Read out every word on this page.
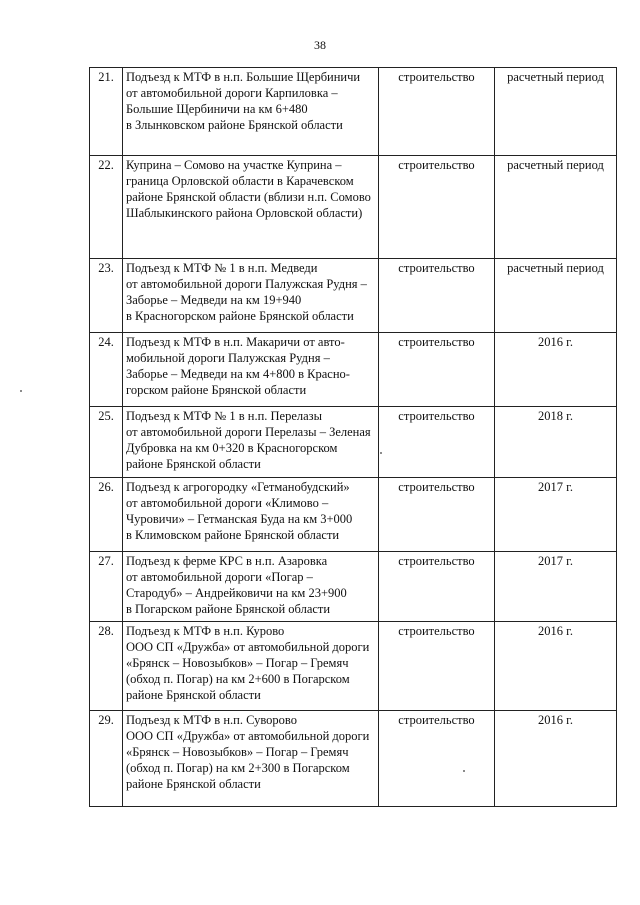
38
21.	Подъезд к МТФ в н.п. Большие Щербиничи
от автомобильной дороги Карпиловка –
Большие Щербиничи на км 6+480
в Злынковском районе Брянской области	строительство	расчетный период
22.	Куприна – Сомово на участке Куприна –
граница Орловской области в Карачевском
районе Брянской области (вблизи н.п. Сомово
Шаблыкинского района Орловской области)	строительство	расчетный период
23.	Подъезд к МТФ № 1 в н.п. Медведи
от автомобильной дороги Палужская Рудня –
Заборье – Медведи на км 19+940
в Красногорском районе Брянской области	строительство	расчетный период
24.	Подъезд к МТФ в н.п. Макаричи от авто-
мобильной дороги Палужская Рудня –
Заборье – Медведи на км 4+800 в Красно-
горском районе Брянской области	строительство	2016 г.
25.	Подъезд к МТФ № 1 в н.п. Перелазы
от автомобильной дороги Перелазы – Зеленая
Дубровка на км 0+320 в Красногорском
районе Брянской области	строительство	2018 г.
26.	Подъезд к агрогородку «Гетманобудский»
от автомобильной дороги «Климово –
Чуровичи» – Гетманская Буда на км 3+000
в Климовском районе Брянской области	строительство	2017 г.
27.	Подъезд к ферме КРС в н.п. Азаровка
от автомобильной дороги «Погар –
Стародуб» – Андрейковичи на км 23+900
в Погарском районе Брянской области	строительство	2017 г.
28.	Подъезд к МТФ в н.п. Курово
ООО СП «Дружба» от автомобильной дороги
«Брянск – Новозыбков» – Погар – Гремяч
(обход п. Погар) на км 2+600 в Погарском
районе Брянской области	строительство	2016 г.
29.	Подъезд к МТФ в н.п. Суворово
ООО СП «Дружба» от автомобильной дороги
«Брянск – Новозыбков» – Погар – Гремяч
(обход п. Погар) на км 2+300 в Погарском
районе Брянской области	строительство	2016 г.
